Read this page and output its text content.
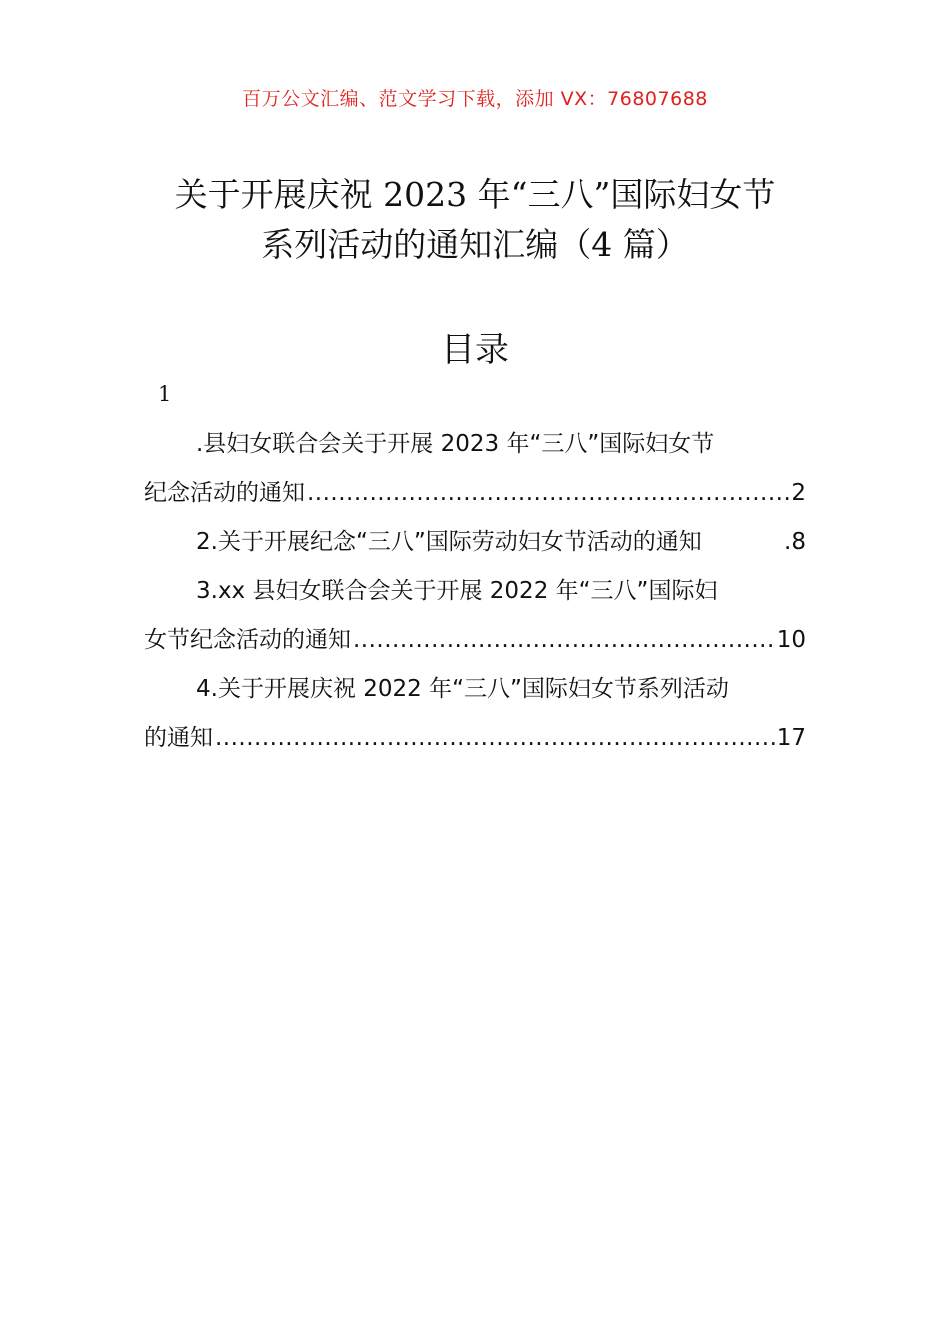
百万公文汇编、范文学习下载，添加 VX：76807688
关于开展庆祝 2023 年“三八”国际妇女节
系列活动的通知汇编（4 篇）
目录
1
.县妇女联合会关于开展 2023 年“三八”国际妇女节
纪念活动的通知 .....	2
2.关于开展纪念“三八”国际劳动妇女节活动的通知	.8
3.xx 县妇女联合会关于开展 2022 年“三八”国际妇
女节纪念活动的通知 .....	10
4.关于开展庆祝 2022 年“三八”国际妇女节系列活动
的通知 .....	17
